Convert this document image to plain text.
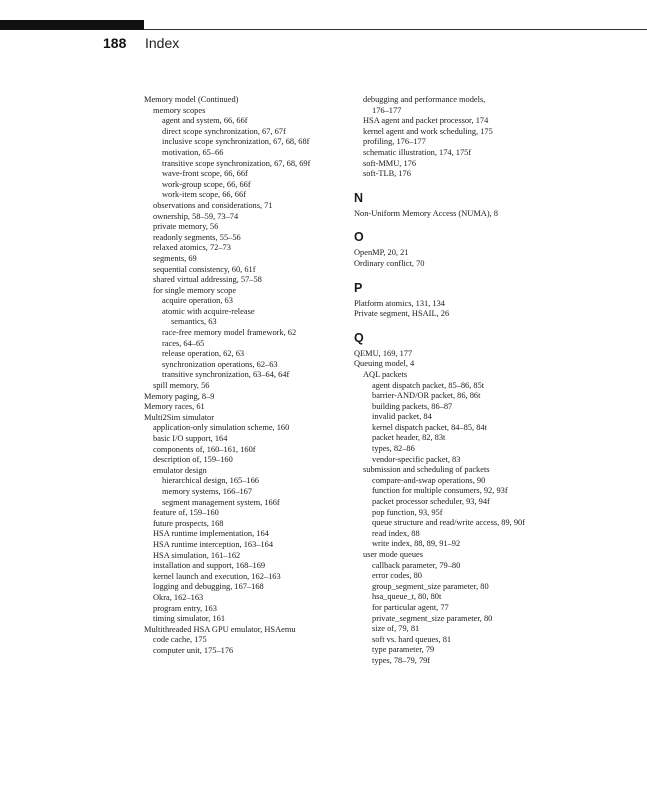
188 Index
Memory model (Continued)
memory scopes
agent and system, 66, 66f
direct scope synchronization, 67, 67f
inclusive scope synchronization, 67, 68, 68f
motivation, 65–66
transitive scope synchronization, 67, 68, 69f
wave-front scope, 66, 66f
work-group scope, 66, 66f
work-item scope, 66, 66f
observations and considerations, 71
ownership, 58–59, 73–74
private memory, 56
readonly segments, 55–56
relaxed atomics, 72–73
segments, 69
sequential consistency, 60, 61f
shared virtual addressing, 57–58
for single memory scope
acquire operation, 63
atomic with acquire-release
semantics, 63
race-free memory model framework, 62
races, 64–65
release operation, 62, 63
synchronization operations, 62–63
transitive synchronization, 63–64, 64f
spill memory, 56
Memory paging, 8–9
Memory races, 61
Multi2Sim simulator
application-only simulation scheme, 160
basic I/O support, 164
components of, 160–161, 160f
description of, 159–160
emulator design
hierarchical design, 165–166
memory systems, 166–167
segment management system, 166f
feature of, 159–160
future prospects, 168
HSA runtime implementation, 164
HSA runtime interception, 163–164
HSA simulation, 161–162
installation and support, 168–169
kernel launch and execution, 162–163
logging and debugging, 167–168
Okra, 162–163
program entry, 163
timing simulator, 161
Multithreaded HSA GPU emulator, HSAemu
code cache, 175
computer unit, 175–176
debugging and performance models,
176–177
HSA agent and packet processor, 174
kernel agent and work scheduling, 175
profiling, 176–177
schematic illustration, 174, 175f
soft-MMU, 176
soft-TLB, 176
N
Non-Uniform Memory Access (NUMA), 8
O
OpenMP, 20, 21
Ordinary conflict, 70
P
Platform atomics, 131, 134
Private segment, HSAIL, 26
Q
QEMU, 169, 177
Queuing model, 4
AQL packets
agent dispatch packet, 85–86, 85t
barrier-AND/OR packet, 86, 86t
building packets, 86–87
invalid packet, 84
kernel dispatch packet, 84–85, 84t
packet header, 82, 83t
types, 82–86
vendor-specific packet, 83
submission and scheduling of packets
compare-and-swap operations, 90
function for multiple consumers, 92, 93f
packet processor scheduler, 93, 94f
pop function, 93, 95f
queue structure and read/write access, 89, 90f
read index, 88
write index, 88, 89, 91–92
user mode queues
callback parameter, 79–80
error codes, 80
group_segment_size parameter, 80
hsa_queue_t, 80, 80t
for particular agent, 77
private_segment_size parameter, 80
size of, 79, 81
soft vs. hard queues, 81
type parameter, 79
types, 78–79, 79f
